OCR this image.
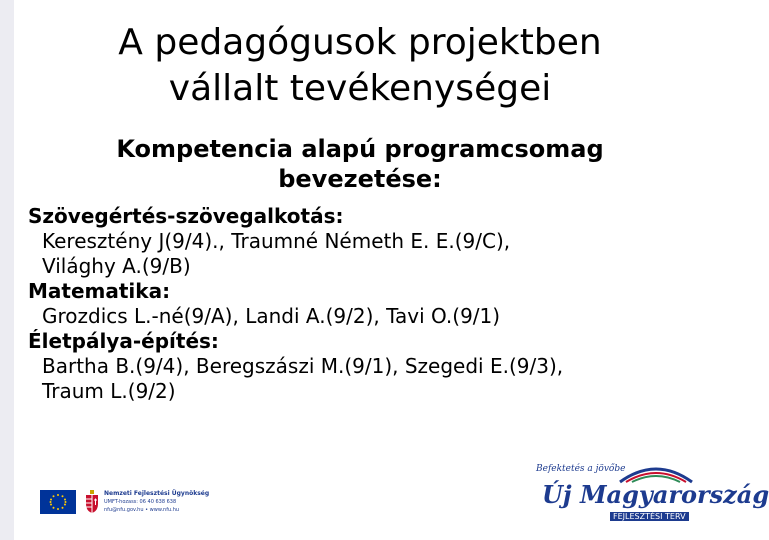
A pedagógusok projektben
vállalt tevékenységei
Kompetencia alapú programcsomag
bevezetése:
Szövegértés-szövegalkotás:
Keresztény J(9/4)., Traumné Németh E. E.(9/C),
Világhy A.(9/B)
Matematika:
Grozdics L.-né(9/A), Landi A.(9/2), Tavi O.(9/1)
Életpálya-építés:
Bartha B.(9/4), Beregszászi M.(9/1), Szegedi E.(9/3),
Traum L.(9/2)
Nemzeti Fejlesztési Ügynökség
UMFT-hozass: 06 40 638 638
nfu@nfu.gov.hu • www.nfu.hu
Befektetés a jövőbe
Új Magyarország
FEJLESZTÉSI TERV
